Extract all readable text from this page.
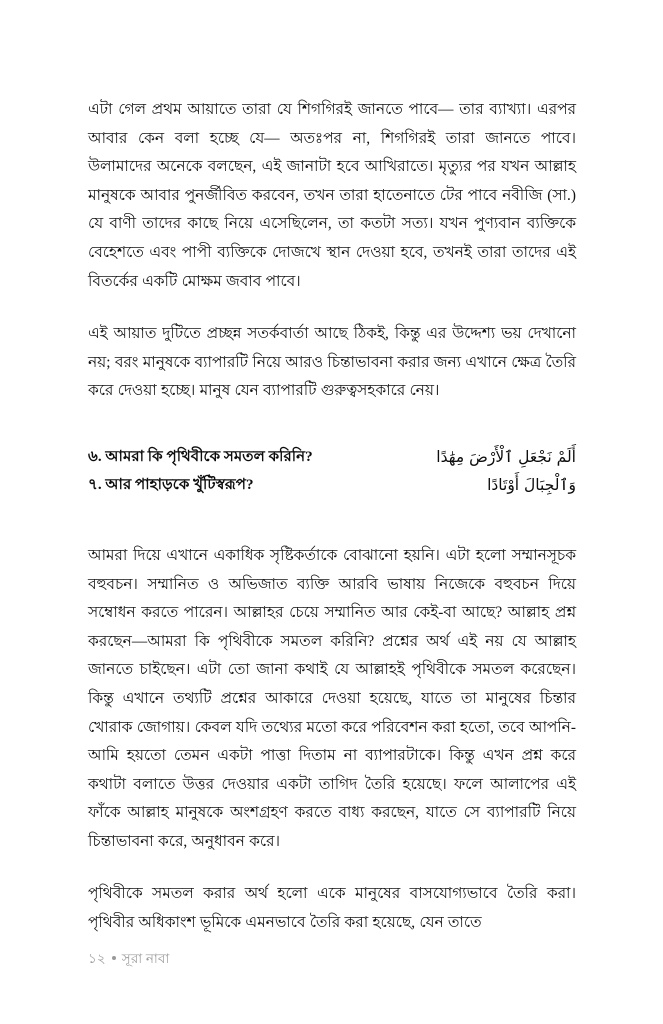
এটা গেল প্রথম আয়াতে তারা যে শিগগিরই জানতে পাবে— তার ব্যাখ্যা। এরপর আবার কেন বলা হচ্ছে যে— অতঃপর না, শিগগিরই তারা জানতে পাবে। উলামাদের অনেকে বলছেন, এই জানাটা হবে আখিরাতে। মৃত্যুর পর যখন আল্লাহ মানুষকে আবার পুনর্জীবিত করবেন, তখন তারা হাতেনাতে টের পাবে নবীজি (সা.) যে বাণী তাদের কাছে নিয়ে এসেছিলেন, তা কতটা সত্য। যখন পুণ্যবান ব্যক্তিকে বেহেশতে এবং পাপী ব্যক্তিকে দোজখে স্থান দেওয়া হবে, তখনই তারা তাদের এই বিতর্কের একটি মোক্ষম জবাব পাবে।

এই আয়াত দুটিতে প্রচ্ছন্ন সতর্কবার্তা আছে ঠিকই, কিন্তু এর উদ্দেশ্য ভয় দেখানো নয়; বরং মানুষকে ব্যাপারটি নিয়ে আরও চিন্তাভাবনা করার জন্য এখানে ক্ষেত্র তৈরি করে দেওয়া হচ্ছে। মানুষ যেন ব্যাপারটি গুরুত্বসহকারে নেয়।

৬. আমরা কি পৃথিবীকে সমতল করিনি?	أَلَمْ نَجْعَلِ ٱلْأَرْضَ مِهَٰدًا
৭. আর পাহাড়কে খুঁটিস্বরূপ?	وَٱلْجِبَالَ أَوْتَادًا

আমরা দিয়ে এখানে একাধিক সৃষ্টিকর্তাকে বোঝানো হয়নি। এটা হলো সম্মানসূচক বহুবচন। সম্মানিত ও অভিজাত ব্যক্তি আরবি ভাষায় নিজেকে বহুবচন দিয়ে সম্বোধন করতে পারেন। আল্লাহর চেয়ে সম্মানিত আর কেই-বা আছে? আল্লাহ প্রশ্ন করছেন—আমরা কি পৃথিবীকে সমতল করিনি? প্রশ্নের অর্থ এই নয় যে আল্লাহ জানতে চাইছেন। এটা তো জানা কথাই যে আল্লাহই পৃথিবীকে সমতল করেছেন। কিন্তু এখানে তথ্যটি প্রশ্নের আকারে দেওয়া হয়েছে, যাতে তা মানুষের চিন্তার খোরাক জোগায়। কেবল যদি তথ্যের মতো করে পরিবেশন করা হতো, তবে আপনি-আমি হয়তো তেমন একটা পাত্তা দিতাম না ব্যাপারটাকে। কিন্তু এখন প্রশ্ন করে কথাটা বলাতে উত্তর দেওয়ার একটা তাগিদ তৈরি হয়েছে। ফলে আলাপের এই ফাঁকে আল্লাহ মানুষকে অংশগ্রহণ করতে বাধ্য করছেন, যাতে সে ব্যাপারটি নিয়ে চিন্তাভাবনা করে, অনুধাবন করে।

পৃথিবীকে সমতল করার অর্থ হলো একে মানুষের বাসযোগ্যভাবে তৈরি করা। পৃথিবীর অধিকাংশ ভূমিকে এমনভাবে তৈরি করা হয়েছে, যেন তাতে

১২ সূরা নাবা
